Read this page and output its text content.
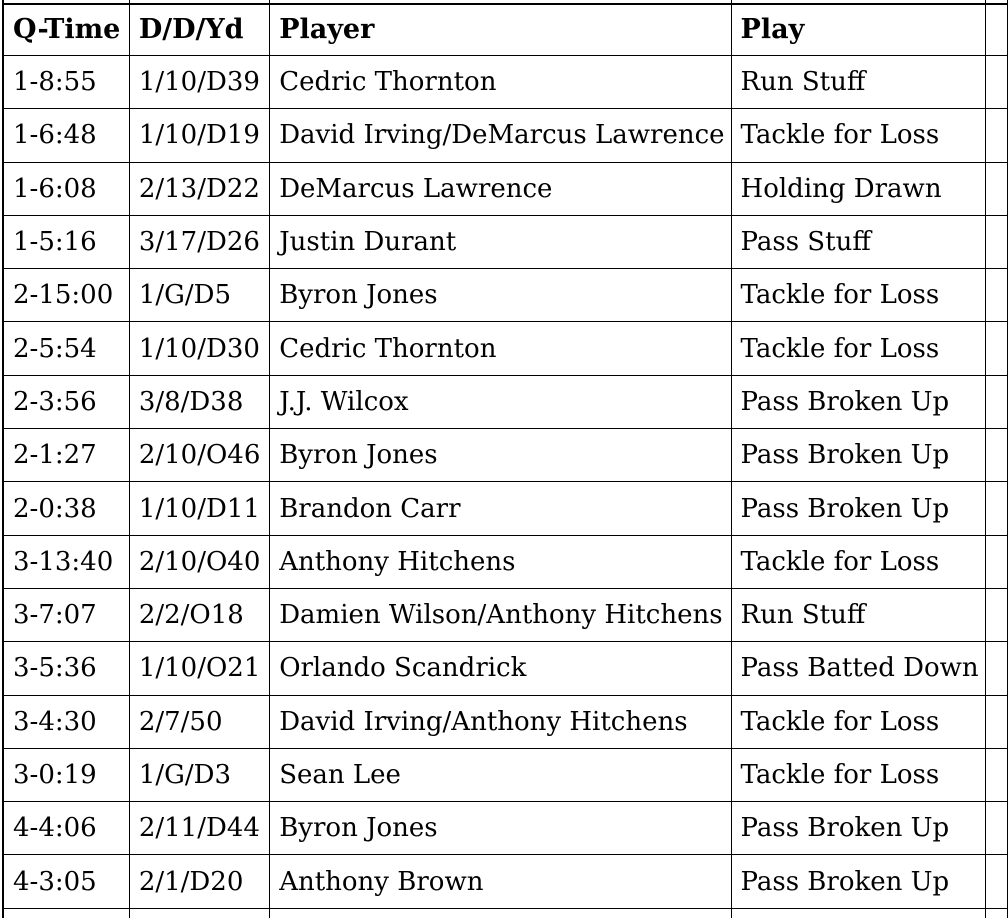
Q-Time	D/D/Yd	Player	Play	
1-8:55	1/10/D39	Cedric Thornton	Run Stuff	
1-6:48	1/10/D19	David Irving/DeMarcus Lawrence	Tackle for Loss	
1-6:08	2/13/D22	DeMarcus Lawrence	Holding Drawn	
1-5:16	3/17/D26	Justin Durant	Pass Stuff	
2-15:00	1/G/D5	Byron Jones	Tackle for Loss	
2-5:54	1/10/D30	Cedric Thornton	Tackle for Loss	
2-3:56	3/8/D38	J.J. Wilcox	Pass Broken Up	
2-1:27	2/10/O46	Byron Jones	Pass Broken Up	
2-0:38	1/10/D11	Brandon Carr	Pass Broken Up	
3-13:40	2/10/O40	Anthony Hitchens	Tackle for Loss	
3-7:07	2/2/O18	Damien Wilson/Anthony Hitchens	Run Stuff	
3-5:36	1/10/O21	Orlando Scandrick	Pass Batted Down	
3-4:30	2/7/50	David Irving/Anthony Hitchens	Tackle for Loss	
3-0:19	1/G/D3	Sean Lee	Tackle for Loss	
4-4:06	2/11/D44	Byron Jones	Pass Broken Up	
4-3:05	2/1/D20	Anthony Brown	Pass Broken Up	
